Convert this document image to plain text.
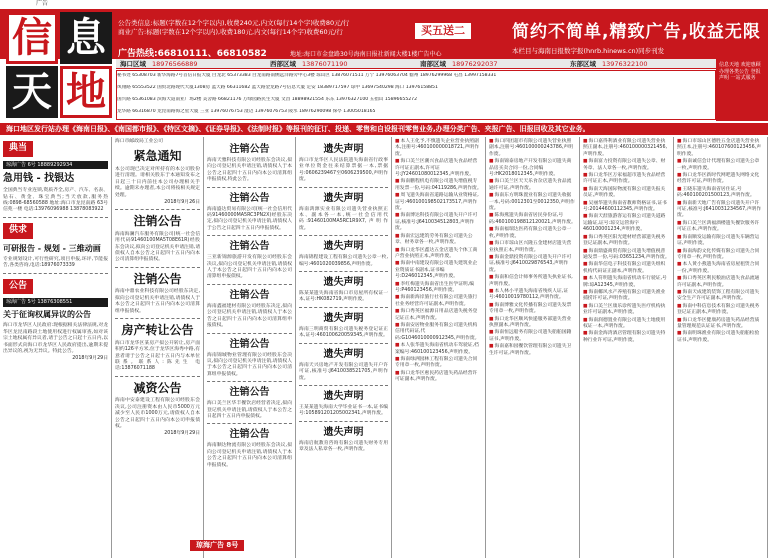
广告
公告类信息:标题(字数在12个字以内),收费240元,内文(每行14个字)收费80元/行
商业广告:标题(字数在12个字以内),收费180元,内文(每行14个字)收费60元/行
广告热线:66810111、66810582	地址:海口市金盘路30号海南日报社新闻大楼1楼广告中心
买五送二	简约不简单,精致广告,收益无限
本栏目与海南日报数字报(hnrb.hinews.cn)同步刊发
信 息
天 地
海口区域 18976566889	西部区域 13876071190	南部区域 18976292037	东部区域 13976322100
秘书处 65308703 新华海路7号首信日报大厦 白龙北 65373383 白龙南路南侧远洋路旁中心3楼 琼山区 13876071511 万宁 13976063704 儋州 18976299968 屯昌 13997158331
凤翔路 65553522 国贸北路现代大厦1308房 蓝天路 66311682 蓝天路金龙路7号信息大厦 定安 18389717597 琼中 13697540298 海口 13976158851
国兴路 65361083 滨海大道南亚广场2楼 美舍路 66821176 万绿园路民生大厦 文昌 18898921554 乐东 13976327100 五指山 15896655272
龙华路 66316870 龙昆南路海之星大厦 三亚 13976076753 澄迈 13976076753 陵水 18976290098 保亭 13005018165
信息天地 欢迎惠顾 办理各类公告 登报声明 一站式服务
海口地区发行站办理《海南日报》、《南国都市报》、《特区文摘》、《证券导报》、《法制时报》等报刊的征订、投递、零售和自设报刊零售业务,办理分类广告、夹报广告、旧报回收及其它业务。
典当
琼海广告 6号 18889292934
急用钱 - 找银达
全国典当专业连锁,资质齐全,房产、汽车、名表、钻石、黄金、珠宝典当;当天放款,服务热线:0898-68560588 地址:海口市龙昆南路 63号信苑一楼 电话:13976096988 13878083922
供求
可研报告 - 规划 - 三维动画
专业规划设计,可行性研究,项目申报,环评,节能报告,各类咨询,电话:18976073339
公告
琼海广告 5号 13876308551
关于征询权属异议的公告
海口市龙华区人民政府:现根据相关法律法规,对龙华区龙昆南路段土地使用权进行权属审查,如对该宗土地权属有异议者,请于公告之日起十五日内,以书面形式向海口市龙华区人民政府提出,逾期未提出异议的,视为无异议。特此公告。
2018年9月29日
海口市邮政局工业公司
紧急通知
本公司现已决定对所持有的本公司股份进行清理。请相关股东于本通知发布之日起三十日内前往本公司办理相关手续。逾期未办理者,本公司将按相关规定处理。
2018年9月26日
注销公告
海南海澜汽车服务有限公司(统一社会信用代码91460100MA5T08E61R)经股东会决议,拟向公司登记机关申请注销,请债权人自本公告之日起四十五日内向本公司清算组申报债权。
注销公告
海南中鼎农业科技有限公司经股东决定,拟向公司登记机关申请注销,请债权人于本公告之日起四十五日内向本公司清算组申报债权。
房产转让公告
海口市龙华区某房产拟公开转让,房产面积约126平方米,位于龙华区海秀中路,有意者请于公告之日起十五日内与本单位联系。联系人:陈先生 电话:13876071188
减资公告
海南中安泰建设工程有限公司经股东会决议,公司注册资本由人民币5000万元减少至人民币1000万元,请债权人自本公告之日起四十五日内向本公司申报债权。
2018年9月29日
注销公告
海南天雅科技有限公司经股东会决议,拟向公司登记机关申请注销,请债权人于本公告之日起四十五日内向本公司清算组申报债权,特此公告。
注销公告
海南盛达贸易有限公司(统一社会信用代码91460000MA5RC3PN2X)经股东决定,拟向公司登记机关申请注销,请债权人于公告之日起四十五日内申报债权。
注销公告
三亚新锦源旅游开发有限公司经股东会决议,拟向公司登记机关申请注销,请债权人于本公告之日起四十五日内向本公司清算组申报债权。
注销公告
海南鑫福建材有限公司经股东决定,拟向公司登记机关申请注销,请债权人于本公告之日起四十五日内向本公司清算组申报债权。
注销公告
海南锦城物业管理有限公司经股东会决议,拟向公司登记机关申请注销,请债权人于本公告之日起四十五日内向本公司清算组申报债权。
注销公告
海口美兰区华丰餐饮店经营者决定,拟向登记机关申请注销,请债权人于本公告之日起四十五日内申报债权。
注销公告
海南顺达物流有限公司经股东会决议,拟向公司登记机关申请注销,请债权人于本公告之日起四十五日内向本公司清算组申报债权。
遗失声明
海口市龙华区人民法院遗失海南省行政事业单位资金往来结算票据一本,票据号:0606239467至0606239500,声明作废。
遗失声明
海南鸿源实业有限公司遗失营业执照正本、副本各一本,统一社会信用代码:91460100MA5RC1R9X7,声明作废。
遗失声明
海南锦程建设工程有限公司遗失公章一枚,编号:4601020039856,声明作废。
遗失声明
陈某某遗失海南省海口市房屋所有权证一本,证号:HK082719,声明作废。
遗失声明
海南三明商贸有限公司遗失税务登记证正本,证号:460100620059345,声明作废。
遗失声明
海南天兴房地产开发有限公司遗失开户许可证,核准号:J6410038521705,声明作废。
遗失声明
王某某遗失海南大学毕业证书一本,证书编号:105891201205002341,声明作废。
遗失声明
海南启航教育咨询有限公司遗失财务专用章及法人私章各一枚,声明作废。
■ 本人王化予,不慎遗失企业营业执照副本,注册号:460100000018721,声明作废。
■ 海口美兰区潮兴食品店遗失食品经营许可证正副本,许可证号:JY24601080012345,声明作废。
■ 海南鹏程机电有限公司遗失增值税专用发票一份,号码:04119286,声明作废。
■ 周飞遗失海南省道路运输从业资格证,证号:460100198502173517,声明作废。
■ 海南博达科技有限公司遗失开户许可证,核准号:J6410034512803,声明作废。
■ 海南宏远建筑劳务有限公司遗失公章、财务章各一枚,声明作废。
■ 海口龙华区鑫达五金店遗失个体工商户营业执照正本,声明作废。
■ 海南中南建设有限公司遗失建筑业企业资质证书副本,证书编号:D246012345,声明作废。
■ 李红梅遗失海南省出生医学证明,编号:P460123456,声明作废。
■ 海南新海岸旅行社有限公司遗失旅行社业务经营许可证副本,声明作废。
■ 海口秀英区福源日用品店遗失税务登记证正本,声明作废。
■ 海南安居物业服务有限公司遗失机构信用代码证,代码:G1046010000912345,声明作废。
■ 本人张华遗失海南省机动车驾驶证,档案编号:460100123456,声明作废。
■ 海南绿洲园林工程有限公司遗失合同专用章一枚,声明作废。
■ 海口龙华区惠民药店遗失药品经营许可证副本,声明作废。
■ 海口四团超市有限公司遗失营业执照副本,注册号:460100000243786,声明作废。
■ 海南锦泰房地产开发有限公司遗失商品房买卖合同一份,合同编号:HK2018012345,声明作废。
■ 海口美兰区天天乐食杂店遗失食品流通许可证,声明作废。
■ 海南东方明珠置业有限公司遗失收据一本,号码:0012301至0012350,声明作废。
■ 陈海燕遗失海南省居民身份证,号码:460100198812120021,声明作废。
■ 海南福瑞达医药有限公司遗失公章一枚,声明作废。
■ 海口市琼山区兴隆五金建材店遗失营业执照正本,声明作废。
■ 海南金鼎投资有限公司遗失开户许可证,核准号:J6410029876543,声明作废。
■ 海南和信会计师事务所遗失执业证书,声明作废。
■ 本人林小平遗失海南省残疾人证,证号:46010019780112,声明作废。
■ 海南博雅文化传播有限公司遗失发票专用章一枚,声明作废。
■ 海口龙华区顺风快递服务部遗失营业执照副本,声明作废。
■ 海南恒远船务有限公司遗失船舶国籍证书,声明作废。
■ 海南嘉和园餐饮管理有限公司遗失卫生许可证,声明作废。
■ 海口嘉得利酒业有限公司遗失营业执照正副本,注册号:460100000321456,声明作废。
■ 海南富力投资有限公司遗失公章、财务章、法人章各一枚,声明作废。
■ 海口龙华区万家福超市遗失食品经营许可证正本,声明作废。
■ 海南天海国际物流有限公司遗失报关员证,声明作废。
■ 吴丽华遗失海南省教师资格证书,证书号:20144600112345,声明作废。
■ 海南天涯旅游客运有限公司遗失道路运输证,证号:琼交运管海字460100001234,声明作废。
■ 海口秀英区阳光建材经营部遗失税务登记证副本,声明作废。
■ 海南鼎盛商贸有限公司遗失增值税普通发票一份,号码:03651234,声明作废。
■ 海南华信电子科技有限公司遗失组织机构代码证正副本,声明作废。
■ 本人符明遗失海南省机动车行驶证,号牌:琼A12345,声明作废。
■ 海南椰风水产养殖有限公司遗失渔业捕捞许可证,声明作废。
■ 海口美兰区康乐诊所遗失医疗机构执业许可证副本,声明作废。
■ 海南润德置业有限公司遗失土地使用权证一本,声明作废。
■ 海南金海湾酒店管理有限公司遗失特种行业许可证,声明作废。
■ 海口市琼山区德胜五金店遗失营业执照正本,注册号:460107600123456,声明作废。
■ 海南诚信会计代理有限公司遗失公章一枚,声明作废。
■ 海口龙华区新时代网吧遗失网络文化经营许可证,声明作废。
■ 王晓东遗失海南省居住证,号码:460100201500123,声明作废。
■ 海南新天地广告有限公司遗失开户许可证,核准号:J6410031234567,声明作废。
■ 海口美兰区鸿福酒楼遗失餐饮服务许可证正本,声明作废。
■ 海南顺发运输有限公司遗失车辆营运证,声明作废。
■ 海南海韵文化传媒有限公司遗失合同专用章一枚,声明作废。
■ 本人黄小燕遗失海南省房屋租赁合同一份,声明作废。
■ 海口秀英区利民粮油店遗失食品流通许可证副本,声明作废。
■ 海南天成建筑装饰工程有限公司遗失安全生产许可证副本,声明作废。
■ 海南中科信息技术有限公司遗失税务登记证正副本,声明作废。
■ 海口龙华区健康药房遗失药品经营质量管理规范认证证书,声明作废。
■ 海南明珠渔业有限公司遗失船舶检验证书,声明作废。
琼海广告 8号
